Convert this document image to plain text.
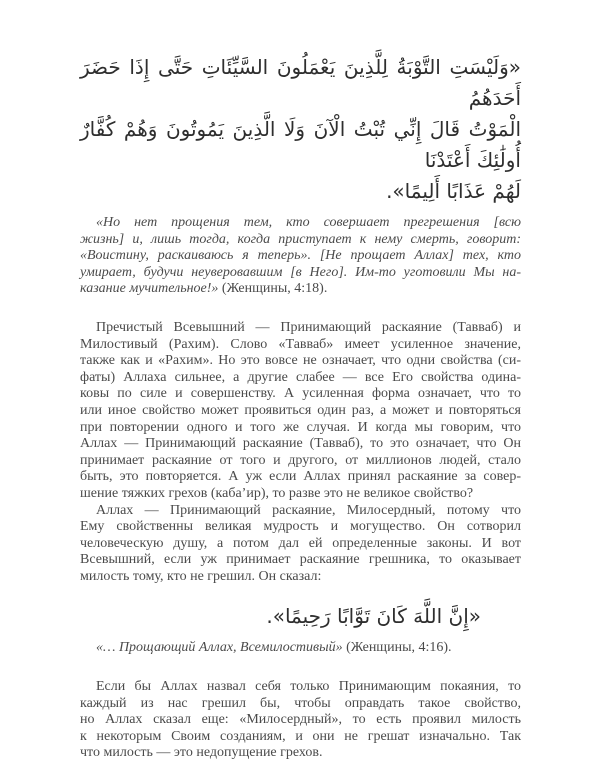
«وَلَيْسَتِ التَّوْبَةُ لِلَّذِينَ يَعْمَلُونَ السَّيِّئَاتِ حَتَّى إِذَا حَضَرَ أَحَدَهُمُ
الْمَوْتُ قَالَ إِنِّي تُبْتُ الْآنَ وَلَا الَّذِينَ يَمُوتُونَ وَهُمْ كُفَّارٌ أُولَٰئِكَ أَعْتَدْنَا
لَهُمْ عَذَابًا أَلِيمًا».
«Но нет прощения тем, кто совершает прегрешения [всю
жизнь] и, лишь тогда, когда приступает к нему смерть, говорит:
«Воистину, раскаиваюсь я теперь». [Не прощает Аллах] тех, кто
умирает, будучи неуверовавшим [в Него]. Им-то уготовили Мы на-
казание мучительное!» (Женщины, 4:18).
Пречистый Всевышний — Принимающий раскаяние (Тавваб) и
Милостивый (Рахим). Слово «Тавваб» имеет усиленное значение,
также как и «Рахим». Но это вовсе не означает, что одни свойства (си-
фаты) Аллаха сильнее, а другие слабее — все Его свойства одина-
ковы по силе и совершенству. А усиленная форма означает, что то
или иное свойство может проявиться один раз, а может и повторяться
при повторении одного и того же случая. И когда мы говорим, что
Аллах — Принимающий раскаяние (Тавваб), то это означает, что Он
принимает раскаяние от того и другого, от миллионов людей, стало
быть, это повторяется. А уж если Аллах принял раскаяние за совер-
шение тяжких грехов (каба’ир), то разве это не великое свойство?
Аллах — Принимающий раскаяние, Милосердный, потому что
Ему свойственны великая мудрость и могущество. Он сотворил
человеческую душу, а потом дал ей определенные законы. И вот
Всевышний, если уж принимает раскаяние грешника, то оказывает
милость тому, кто не грешил. Он сказал:
«إِنَّ اللَّهَ كَانَ تَوَّابًا رَحِيمًا».
«… Прощающий Аллах, Всемилостивый» (Женщины, 4:16).
Если бы Аллах назвал себя только Принимающим покаяния, то
каждый из нас грешил бы, чтобы оправдать такое свойство,
но Аллах сказал еще: «Милосердный», то есть проявил милость
к некоторым Своим созданиям, и они не грешат изначально. Так
что милость — это недопущение грехов.
